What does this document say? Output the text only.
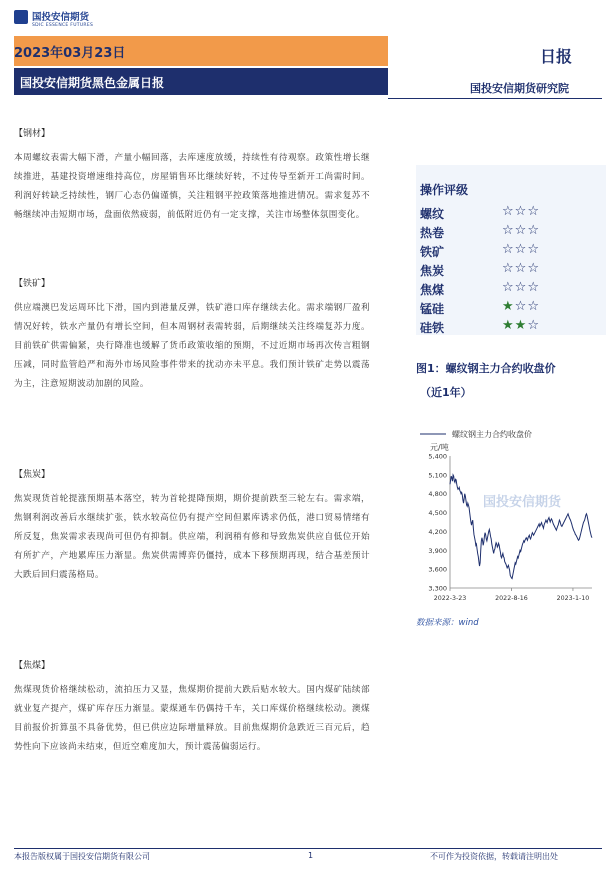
国投安信期货
SDIC ESSENCE FUTURES
2023年03月23日
国投安信期货黑色金属日报
日报
国投安信期货研究院
【钢材】
本周螺纹表需大幅下滑，产量小幅回落，去库速度放缓，持续性有待观察。政策性增长继续推进，基建投资增速维持高位，房屋销售环比继续好转，不过传导至新开工尚需时间。利润好转缺乏持续性，钢厂心态仍偏谨慎，关注粗钢平控政策落地推进情况。需求复苏不畅继续冲击短期市场，盘面依然疲弱，前低附近仍有一定支撑，关注市场整体氛围变化。
【铁矿】
供应端澳巴发运周环比下滑，国内到港量反弹，铁矿港口库存继续去化。需求端钢厂盈利情况好转，铁水产量仍有增长空间，但本周钢材表需转弱，后期继续关注终端复苏力度。目前铁矿供需偏紧，央行降准也缓解了货币政策收缩的预期，不过近期市场再次传言粗钢压减，同时监管趋严和海外市场风险事件带来的扰动亦未平息。我们预计铁矿走势以震荡为主，注意短期波动加剧的风险。
【焦炭】
焦炭现货首轮提涨预期基本落空，转为首轮提降预期，期价提前跌至三轮左右。需求端，焦钢利润改善后水继续扩张，铁水较高位仍有提产空间但累库诱求仍低，港口贸易情绪有所反复，焦炭需求表现尚可但仍有抑制。供应端，利润稍有修和导致焦炭供应自低位开始有所扩产，产地累库压力渐显。焦炭供需博弈仍僵持，成本下移预期再现，结合基差预计大跌后回归震荡格局。
【焦煤】
焦煤现货价格继续松动，流拍压力又显，焦煤期价提前大跌后贴水较大。国内煤矿陆续部就业复产提产，煤矿库存压力渐显。蒙煤通车仍偶持千车，关口库煤价格继续松动。澳煤目前报价折算虽不具备优势，但已供应边际增量释放。目前焦煤期价急跌近三百元后，趋势性向下应该尚未结束，但近空难度加大，预计震荡偏弱运行。
操作评级
螺纹	☆☆☆
热卷	☆☆☆
铁矿	☆☆☆
焦炭	☆☆☆
焦煤	☆☆☆
锰硅	★☆☆
硅铁	★★☆
图1：螺纹钢主力合约收盘价
（近1年）
国投安信期货
螺纹钢主力合约收盘价
元/吨
3,300
3,600
3,900
4,200
4,500
4,800
5,100
5,400
2022-3-23	2022-8-16	2023-1-10
数据来源：wind
本报告版权属于国投安信期货有限公司	1	不可作为投资依据，转载请注明出处
